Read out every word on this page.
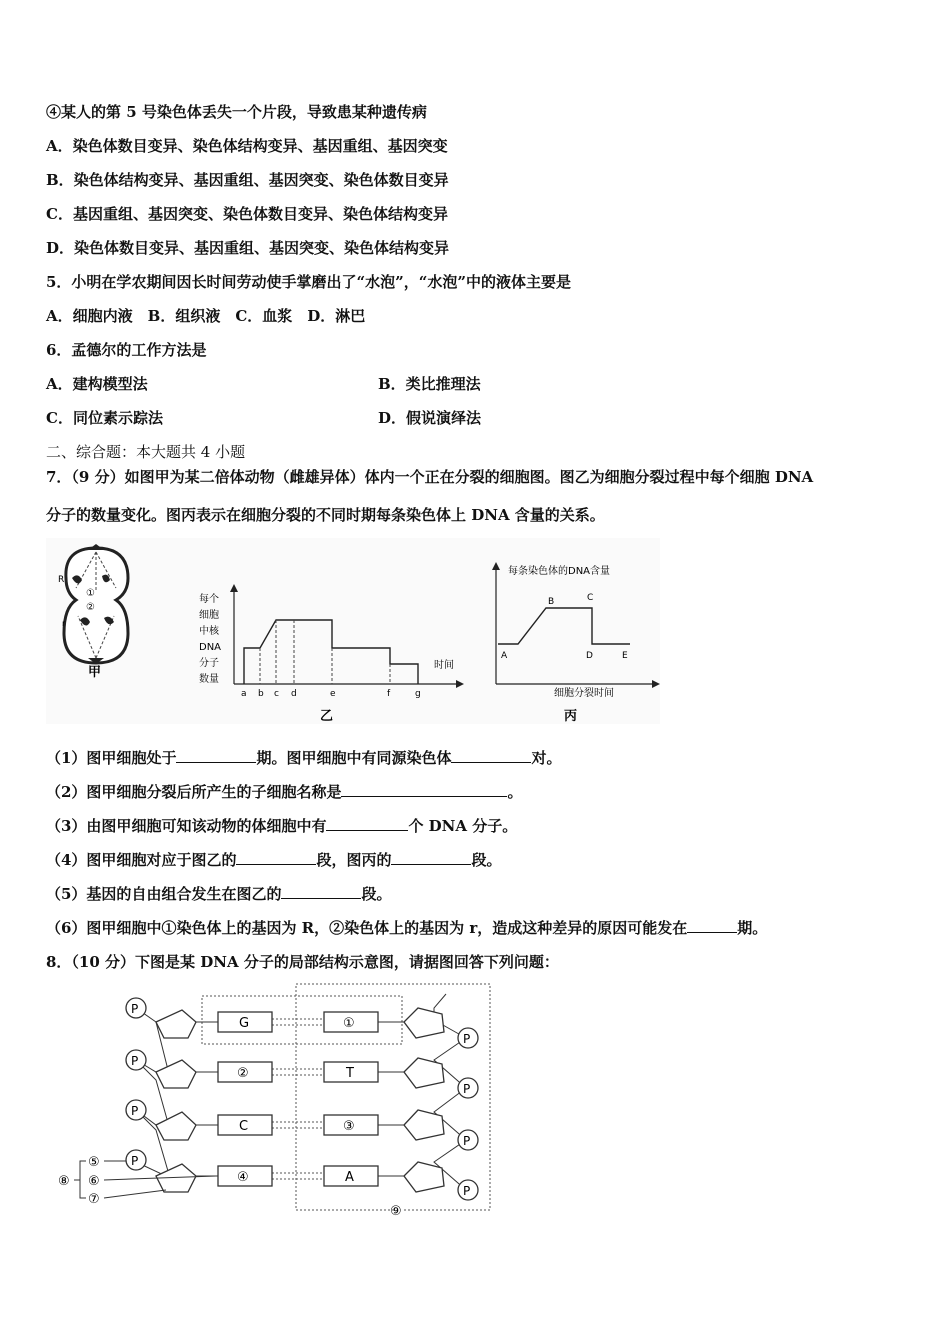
④某人的第 5 号染色体丢失一个片段，导致患某种遗传病
A．染色体数目变异、染色体结构变异、基因重组、基因突变
B．染色体结构变异、基因重组、基因突变、染色体数目变异
C．基因重组、基因突变、染色体数目变异、染色体结构变异
D．染色体数目变异、基因重组、基因突变、染色体结构变异
5．小明在学农期间因长时间劳动使手掌磨出了“水泡”，“水泡”中的液体主要是
A．细胞内液　B．组织液　C．血浆　D．淋巴
6．孟德尔的工作方法是
A．建构模型法	B．类比推理法
C．同位素示踪法	D．假说演绎法
二、综合题：本大题共 4 小题
7．（9 分）如图甲为某二倍体动物（雌雄异体）体内一个正在分裂的细胞图。图乙为细胞分裂过程中每个细胞 DNA
分子的数量变化。图丙表示在细胞分裂的不同时期每条染色体上 DNA 含量的关系。
R
①
②
r
甲
每个
细胞
中核
DNA
分子
数量
a b c d	e	f	g
时间
乙
每条染色体的DNA含量
A
B	C
D	E
细胞分裂时间
丙
（1）图甲细胞处于	期。图甲细胞中有同源染色体	对。
（2）图甲细胞分裂后所产生的子细胞名称是	。
（3）由图甲细胞可知该动物的体细胞中有	个 DNA 分子。
（4）图甲细胞对应于图乙的	段，图丙的	段。
（5）基因的自由组合发生在图乙的	段。
（6）图甲细胞中①染色体上的基因为 R，②染色体上的基因为 r，造成这种差异的原因可能发在	期。
8．（10 分）下图是某 DNA 分子的局部结构示意图，请据图回答下列问题：
G
②
C
④
①
T
③
A
P
P
P
P
P
P
P
P
⑤
⑥
⑦
⑧
⑨
